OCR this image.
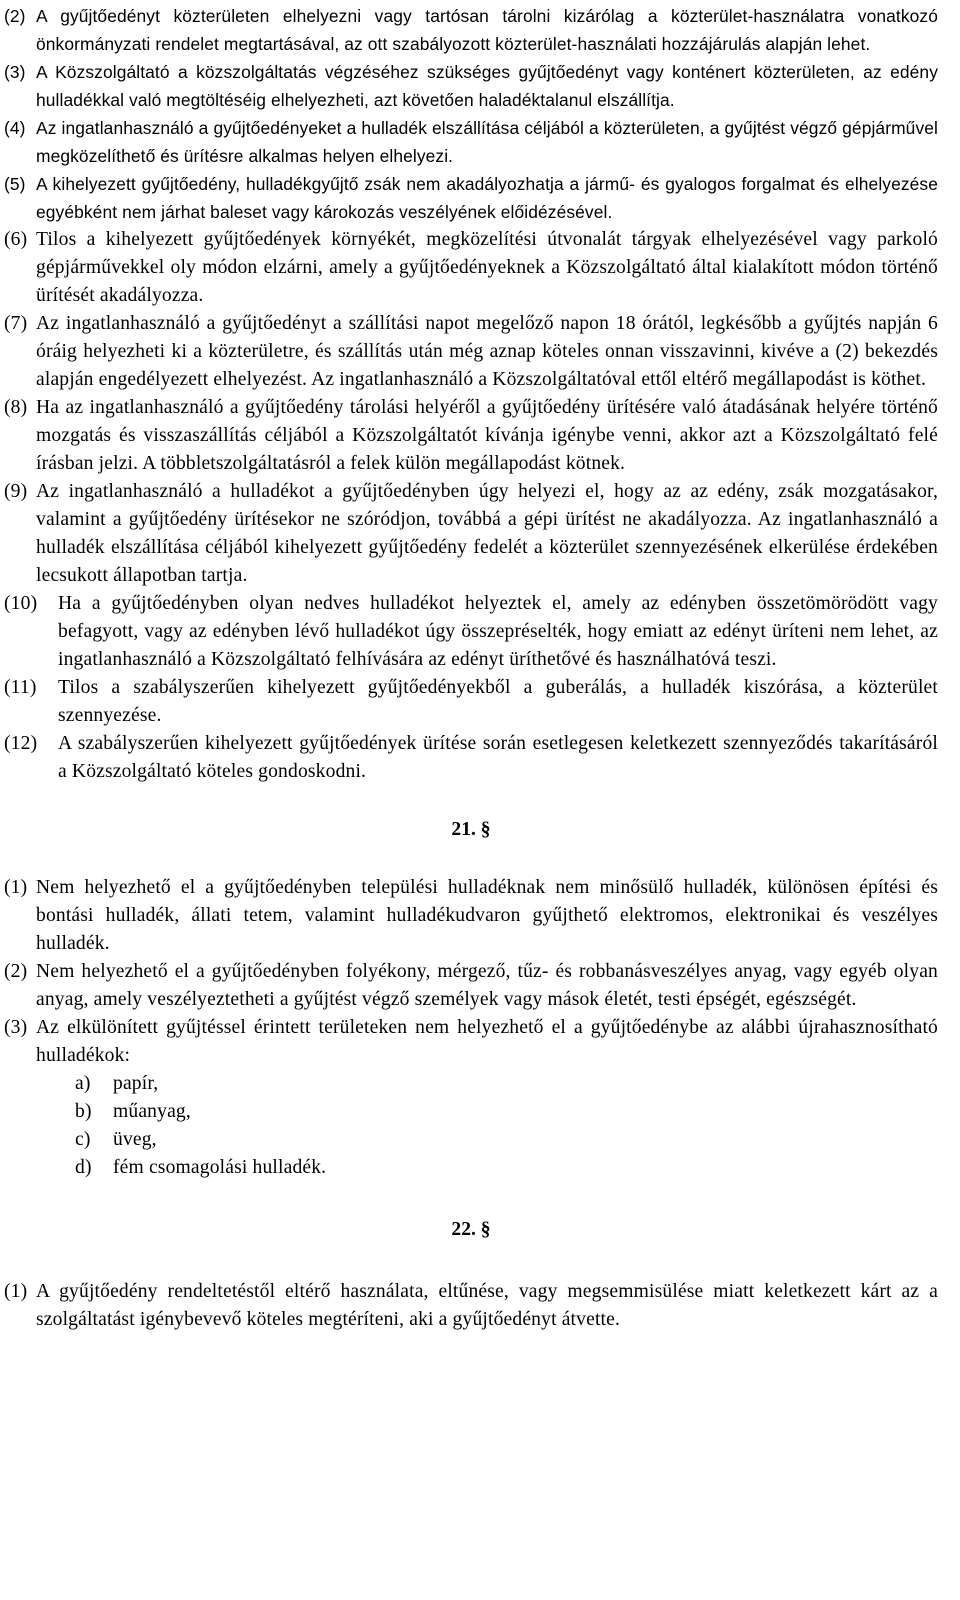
(2) A gyűjtőedényt közterületen elhelyezni vagy tartósan tárolni kizárólag a közterület-használatra vonatkozó önkormányzati rendelet megtartásával, az ott szabályozott közterület-használati hozzájárulás alapján lehet.
(3) A Közszolgáltató a közszolgáltatás végzéséhez szükséges gyűjtőedényt vagy konténert közterületen, az edény hulladékkal való megtöltéséig elhelyezheti, azt követően haladéktalanul elszállítja.
(4) Az ingatlanhasználó a gyűjtőedényeket a hulladék elszállítása céljából a közterületen, a gyűjtést végző gépjárművel megközelíthető és ürítésre alkalmas helyen elhelyezi.
(5) A kihelyezett gyűjtőedény, hulladékgyűjtő zsák nem akadályozhatja a jármű- és gyalogos forgalmat és elhelyezése egyébként nem járhat baleset vagy károkozás veszélyének előidézésével.
(6) Tilos a kihelyezett gyűjtőedények környékét, megközelítési útvonalát tárgyak elhelyezésével vagy parkoló gépjárművekkel oly módon elzárni, amely a gyűjtőedényeknek a Közszolgáltató által kialakított módon történő ürítését akadályozza.
(7) Az ingatlanhasználó a gyűjtőedényt a szállítási napot megelőző napon 18 órától, legkésőbb a gyűjtés napján 6 óráig helyezheti ki a közterületre, és szállítás után még aznap köteles onnan visszavinni, kivéve a (2) bekezdés alapján engedélyezett elhelyezést. Az ingatlanhasználó a Közszolgáltatóval ettől eltérő megállapodást is köthet.
(8) Ha az ingatlanhasználó a gyűjtőedény tárolási helyéről a gyűjtőedény ürítésére való átadásának helyére történő mozgatás és visszaszállítás céljából a Közszolgáltatót kívánja igénybe venni, akkor azt a Közszolgáltató felé írásban jelzi. A többletszolgáltatásról a felek külön megállapodást kötnek.
(9) Az ingatlanhasználó a hulladékot a gyűjtőedényben úgy helyezi el, hogy az az edény, zsák mozgatásakor, valamint a gyűjtőedény ürítésekor ne szóródjon, továbbá a gépi ürítést ne akadályozza. Az ingatlanhasználó a hulladék elszállítása céljából kihelyezett gyűjtőedény fedelét a közterület szennyezésének elkerülése érdekében lecsukott állapotban tartja.
(10)	Ha a gyűjtőedényben olyan nedves hulladékot helyeztek el, amely az edényben összetömörödött vagy befagyott, vagy az edényben lévő hulladékot úgy összepréselték, hogy emiatt az edényt üríteni nem lehet, az ingatlanhasználó a Közszolgáltató felhívására az edényt üríthetővé és használhatóvá teszi.
(11)	Tilos a szabályszerűen kihelyezett gyűjtőedényekből a guberálás, a hulladék kiszórása, a közterület szennyezése.
(12)	A szabályszerűen kihelyezett gyűjtőedények ürítése során esetlegesen keletkezett szennyeződés takarításáról a Közszolgáltató köteles gondoskodni.

21. §

(1) Nem helyezhető el a gyűjtőedényben települési hulladéknak nem minősülő hulladék, különösen építési és bontási hulladék, állati tetem, valamint hulladékudvaron gyűjthető elektromos, elektronikai és veszélyes hulladék.
(2) Nem helyezhető el a gyűjtőedényben folyékony, mérgező, tűz- és robbanásveszélyes anyag, vagy egyéb olyan anyag, amely veszélyeztetheti a gyűjtést végző személyek vagy mások életét, testi épségét, egészségét.
(3) Az elkülönített gyűjtéssel érintett területeken nem helyezhető el a gyűjtőedénybe az alábbi újrahasznosítható hulladékok:
a)	papír,
b)	műanyag,
c)	üveg,
d)	fém csomagolási hulladék.

22. §

(1) A gyűjtőedény rendeltetéstől eltérő használata, eltűnése, vagy megsemmisülése miatt keletkezett kárt az a szolgáltatást igénybevevő köteles megtéríteni, aki a gyűjtőedényt átvette.
